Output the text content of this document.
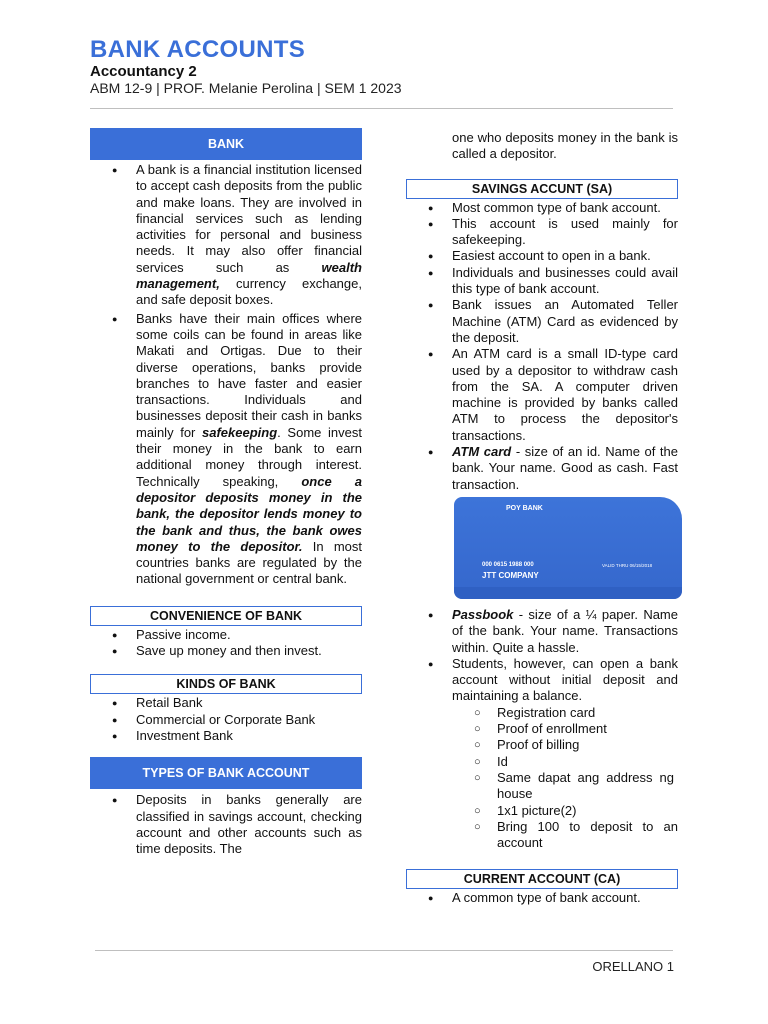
BANK ACCOUNTS
Accountancy 2
ABM 12-9 | PROF. Melanie Perolina | SEM 1 2023
BANK
● A bank is a financial institution licensed to accept cash deposits from the public and make loans. They are involved in financial services such as lending activities for personal and business needs. It may also offer financial services such as wealth management, currency exchange, and safe deposit boxes.
● Banks have their main offices where some coils can be found in areas like Makati and Ortigas. Due to their diverse operations, banks provide branches to have faster and easier transactions. Individuals and businesses deposit their cash in banks mainly for safekeeping. Some invest their money in the bank to earn additional money through interest. Technically speaking, once a depositor deposits money in the bank, the depositor lends money to the bank and thus, the bank owes money to the depositor. In most countries banks are regulated by the national government or central bank.
CONVENIENCE OF BANK
● Passive income.
● Save up money and then invest.
KINDS OF BANK
● Retail Bank
● Commercial or Corporate Bank
● Investment Bank
TYPES OF BANK ACCOUNT
● Deposits in banks generally are classified in savings account, checking account and other accounts such as time deposits. The
one who deposits money in the bank is called a depositor.
SAVINGS ACCUNT (SA)
● Most common type of bank account.
● This account is used mainly for safekeeping.
● Easiest account to open in a bank.
● Individuals and businesses could avail this type of bank account.
● Bank issues an Automated Teller Machine (ATM) Card as evidenced by the deposit.
● An ATM card is a small ID-type card used by a depositor to withdraw cash from the SA. A computer driven machine is provided by banks called ATM to process the depositor's transactions.
● ATM card - size of an id. Name of the bank. Your name. Good as cash. Fast transaction.
POY BANK
000 0615 1988 000	VALID THRU 06/15/2018
JTT COMPANY
● Passbook - size of a ¼ paper. Name of the bank. Your name. Transactions within. Quite a hassle.
● Students, however, can open a bank account without initial deposit and maintaining a balance.
○ Registration card
○ Proof of enrollment
○ Proof of billing
○ Id
○ Same dapat ang address ng house
○ 1x1 picture(2)
○ Bring 100 to deposit to an account
CURRENT ACCOUNT (CA)
● A common type of bank account.
ORELLANO 1
